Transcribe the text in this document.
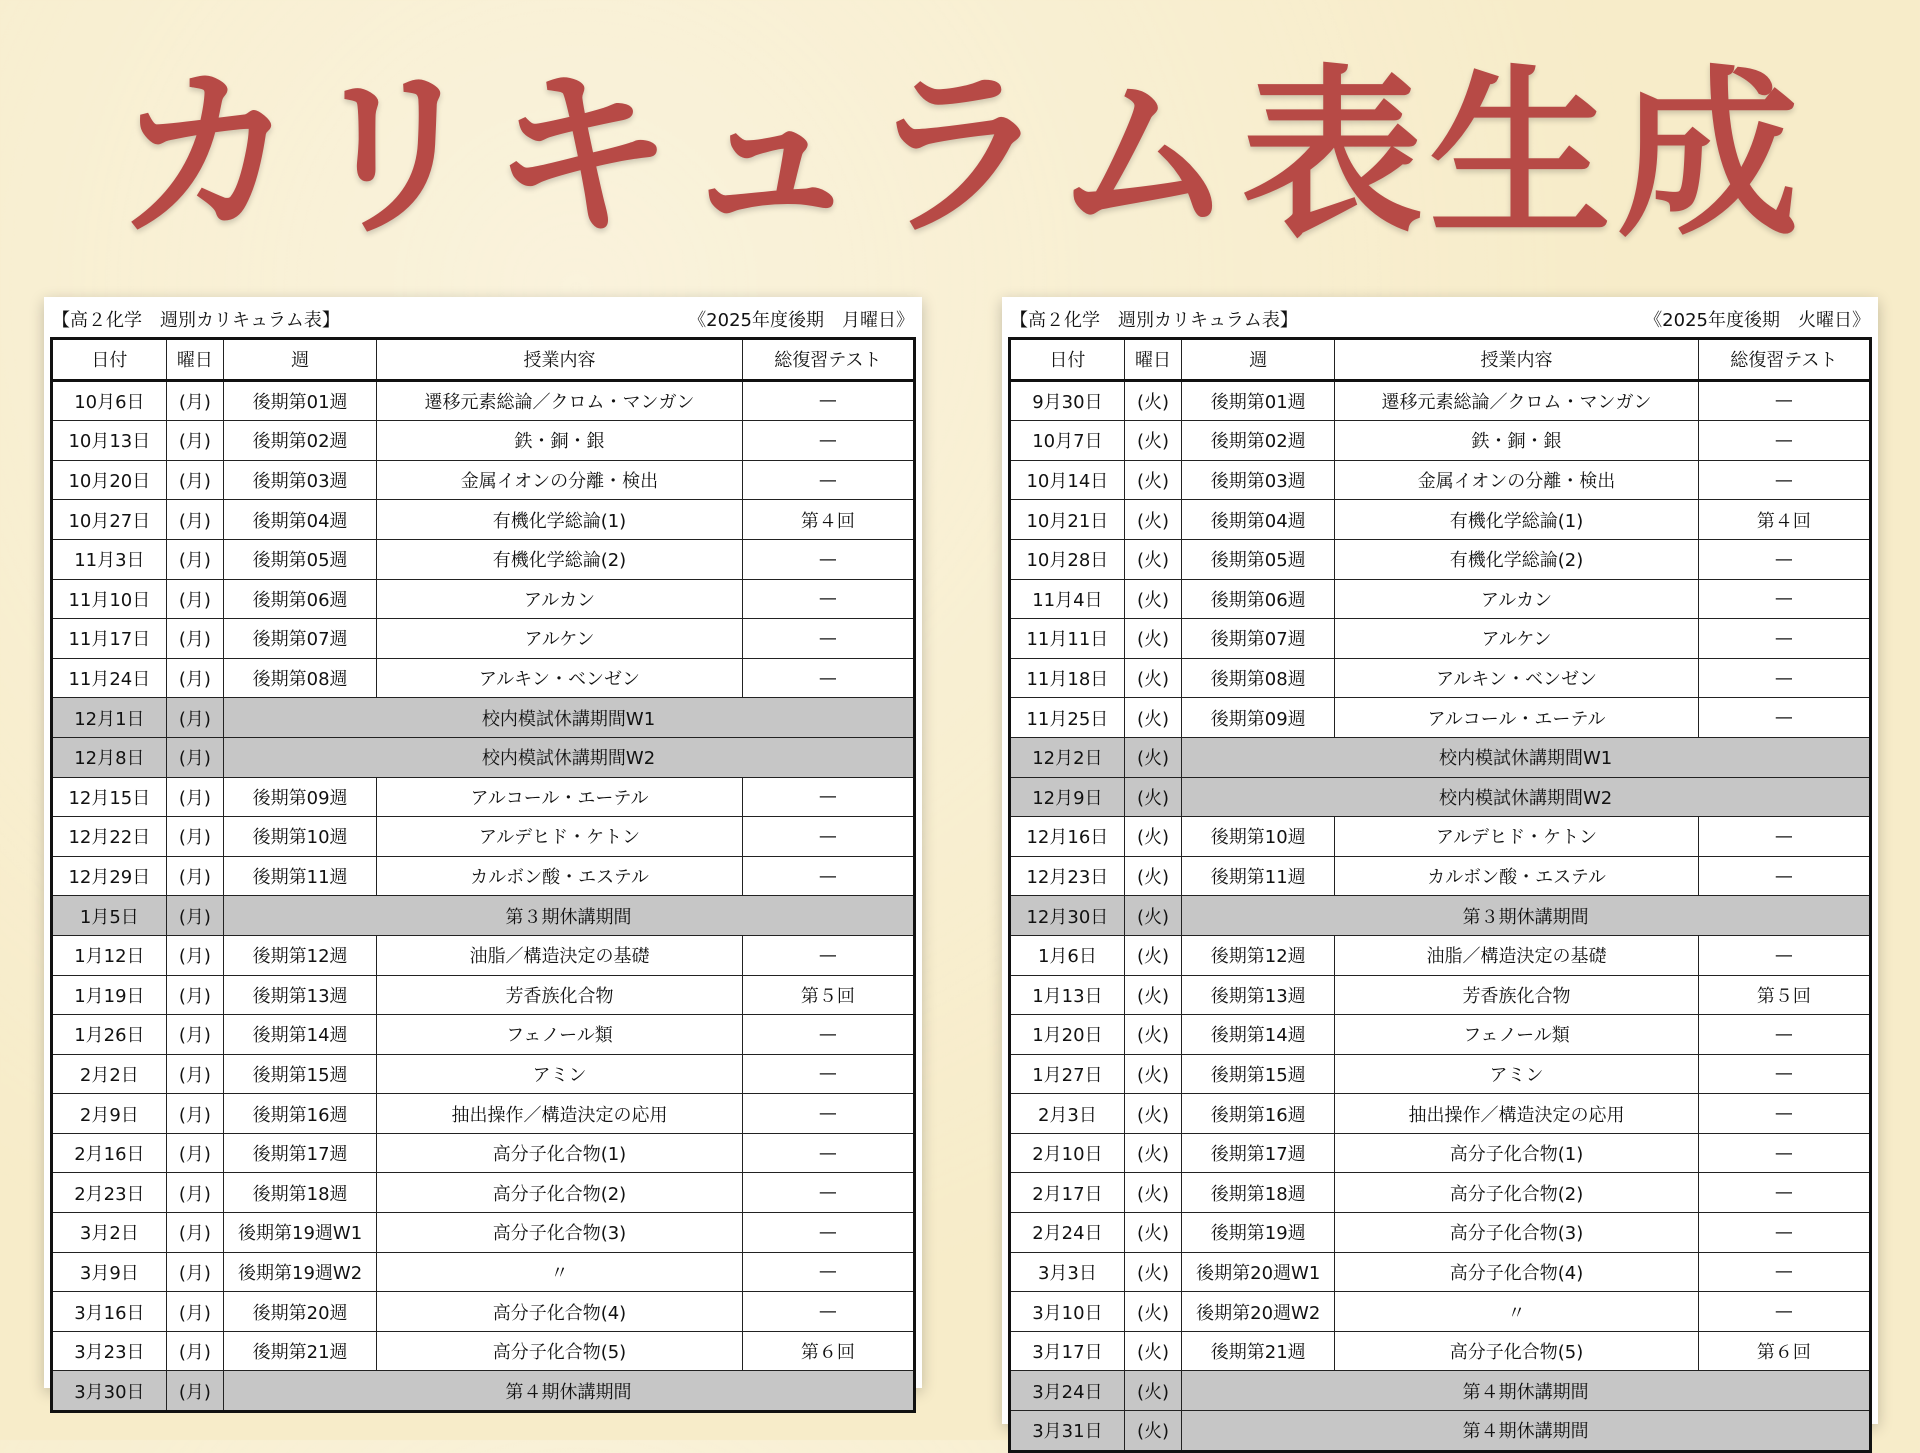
カリキュラム表生成
【高２化学　週別カリキュラム表】	《2025年度後期　月曜日》
日付	曜日	週	授業内容	総復習テスト
10月6日	(月)	後期第01週	遷移元素総論／クロム・マンガン	—
10月13日	(月)	後期第02週	鉄・銅・銀	—
10月20日	(月)	後期第03週	金属イオンの分離・検出	—
10月27日	(月)	後期第04週	有機化学総論(1)	第４回
11月3日	(月)	後期第05週	有機化学総論(2)	—
11月10日	(月)	後期第06週	アルカン	—
11月17日	(月)	後期第07週	アルケン	—
11月24日	(月)	後期第08週	アルキン・ベンゼン	—
12月1日	(月)	校内模試休講期間W1		
12月8日	(月)	校内模試休講期間W2		
12月15日	(月)	後期第09週	アルコール・エーテル	—
12月22日	(月)	後期第10週	アルデヒド・ケトン	—
12月29日	(月)	後期第11週	カルボン酸・エステル	—
1月5日	(月)	第３期休講期間		
1月12日	(月)	後期第12週	油脂／構造決定の基礎	—
1月19日	(月)	後期第13週	芳香族化合物	第５回
1月26日	(月)	後期第14週	フェノール類	—
2月2日	(月)	後期第15週	アミン	—
2月9日	(月)	後期第16週	抽出操作／構造決定の応用	—
2月16日	(月)	後期第17週	高分子化合物(1)	—
2月23日	(月)	後期第18週	高分子化合物(2)	—
3月2日	(月)	後期第19週W1	高分子化合物(3)	—
3月9日	(月)	後期第19週W2	〃	—
3月16日	(月)	後期第20週	高分子化合物(4)	—
3月23日	(月)	後期第21週	高分子化合物(5)	第６回
3月30日	(月)	第４期休講期間		
【高２化学　週別カリキュラム表】	《2025年度後期　火曜日》
日付	曜日	週	授業内容	総復習テスト
9月30日	(火)	後期第01週	遷移元素総論／クロム・マンガン	—
10月7日	(火)	後期第02週	鉄・銅・銀	—
10月14日	(火)	後期第03週	金属イオンの分離・検出	—
10月21日	(火)	後期第04週	有機化学総論(1)	第４回
10月28日	(火)	後期第05週	有機化学総論(2)	—
11月4日	(火)	後期第06週	アルカン	—
11月11日	(火)	後期第07週	アルケン	—
11月18日	(火)	後期第08週	アルキン・ベンゼン	—
11月25日	(火)	後期第09週	アルコール・エーテル	—
12月2日	(火)	校内模試休講期間W1		
12月9日	(火)	校内模試休講期間W2		
12月16日	(火)	後期第10週	アルデヒド・ケトン	—
12月23日	(火)	後期第11週	カルボン酸・エステル	—
12月30日	(火)	第３期休講期間		
1月6日	(火)	後期第12週	油脂／構造決定の基礎	—
1月13日	(火)	後期第13週	芳香族化合物	第５回
1月20日	(火)	後期第14週	フェノール類	—
1月27日	(火)	後期第15週	アミン	—
2月3日	(火)	後期第16週	抽出操作／構造決定の応用	—
2月10日	(火)	後期第17週	高分子化合物(1)	—
2月17日	(火)	後期第18週	高分子化合物(2)	—
2月24日	(火)	後期第19週	高分子化合物(3)	—
3月3日	(火)	後期第20週W1	高分子化合物(4)	—
3月10日	(火)	後期第20週W2	〃	—
3月17日	(火)	後期第21週	高分子化合物(5)	第６回
3月24日	(火)	第４期休講期間		
3月31日	(火)	第４期休講期間		
